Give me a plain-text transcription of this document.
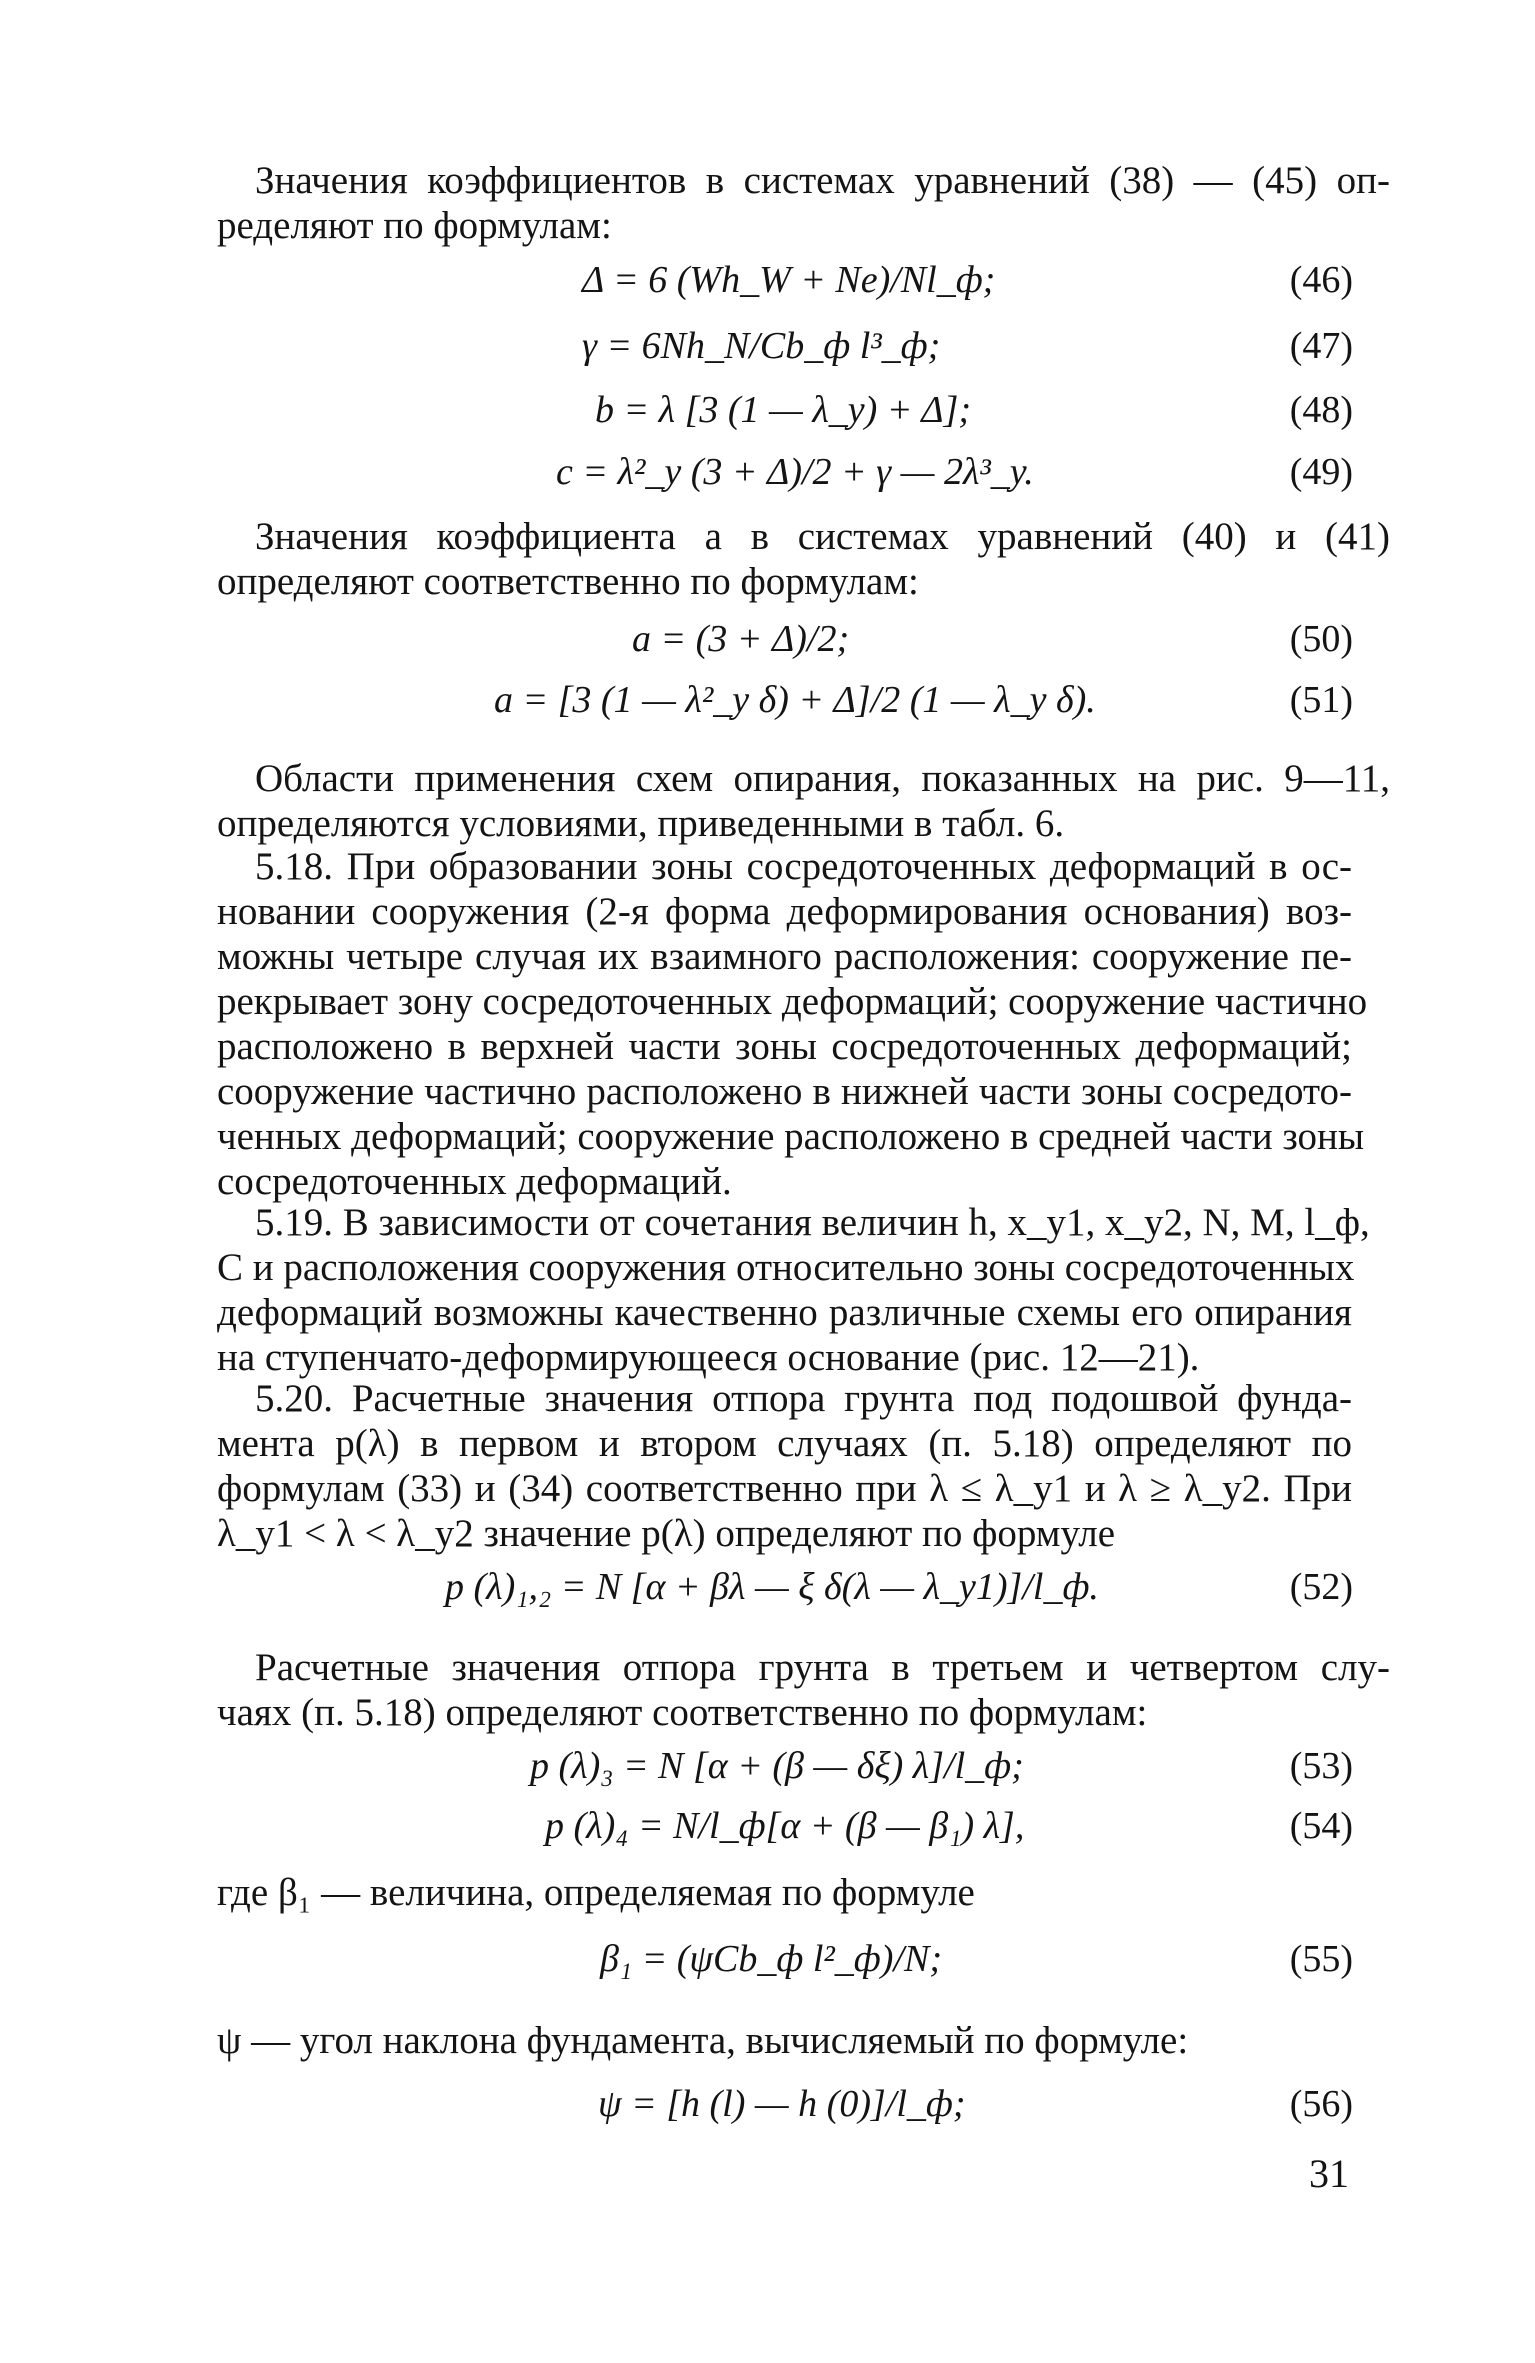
Значения коэффициентов в системах уравнений (38) — (45) оп-
ределяют по формулам:
Δ = 6 (Wh_W + Ne)/Nl_ф;	(46)
γ = 6Nh_N/Cb_ф l³_ф;	(47)
b = λ [3 (1 — λ_у) + Δ];	(48)
c = λ²_у (3 + Δ)/2 + γ — 2λ³_у.	(49)
Значения коэффициента a в системах уравнений (40) и (41)
определяют соответственно по формулам:
a = (3 + Δ)/2;	(50)
a = [3 (1 — λ²_у δ) + Δ]/2 (1 — λ_у δ).	(51)
Области применения схем опирания, показанных на рис. 9—11,
определяются условиями, приведенными в табл. 6.
5.18. При образовании зоны сосредоточенных деформаций в ос-
новании сооружения (2-я форма деформирования основания) воз-
можны четыре случая их взаимного расположения: сооружение пе-
рекрывает зону сосредоточенных деформаций; сооружение частично
расположено в верхней части зоны сосредоточенных деформаций;
сооружение частично расположено в нижней части зоны сосредото-
ченных деформаций; сооружение расположено в средней части зоны
сосредоточенных деформаций.
5.19. В зависимости от сочетания величин h, x_у1, x_у2, N, M, l_ф,
C и расположения сооружения относительно зоны сосредоточенных
деформаций возможны качественно различные схемы его опирания
на ступенчато-деформирующееся основание (рис. 12—21).
5.20. Расчетные значения отпора грунта под подошвой фунда-
мента p(λ) в первом и втором случаях (п. 5.18) определяют по
формулам (33) и (34) соответственно при λ ≤ λ_у1 и λ ≥ λ_у2. При
λ_у1 < λ < λ_у2 значение p(λ) определяют по формуле
p (λ)₁,₂ = N [α + βλ — ξ δ(λ — λ_у1)]/l_ф.	(52)
Расчетные значения отпора грунта в третьем и четвертом слу-
чаях (п. 5.18) определяют соответственно по формулам:
p (λ)₃ = N [α + (β — δξ) λ]/l_ф;	(53)
p (λ)₄ = N/l_ф[α + (β — β₁) λ],	(54)
где β₁ — величина, определяемая по формуле
β₁ = (ψCb_ф l²_ф)/N;	(55)
ψ — угол наклона фундамента, вычисляемый по формуле:
ψ = [h (l) — h (0)]/l_ф;	(56)
31
